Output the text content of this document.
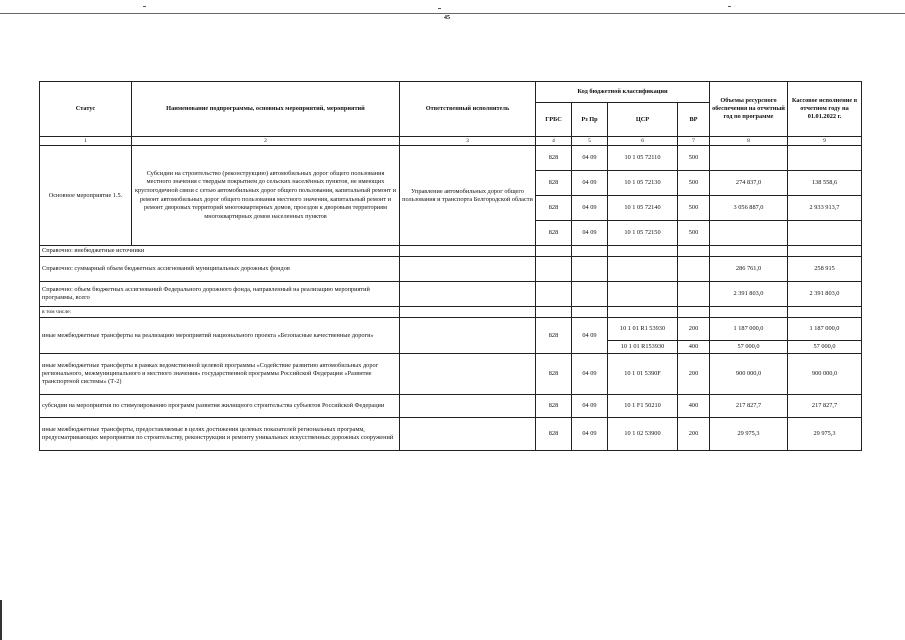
45
Статус	Наименование подпрограммы, основных мероприятий, мероприятий	Ответственный исполнитель	Код бюджетной классификации				Объемы ресурсного обеспечения на отчетный год по программе	Кассовое исполнение в отчетном году на 01.01.2022 г.
			ГРБС	Рз Пр	ЦСР	ВР		
1	2	3	4	5	6	7	8	9
Основное мероприятие 1.5.	Субсидии на строительство (реконструкцию) автомобильных дорог общего пользования местного значения с твердым покрытием до сельских населённых пунктов, не имеющих круглогодичной связи с сетью автомобильных дорог общего пользования, капитальный ремонт и ремонт автомобильных дорог общего пользования местного значения, капитальный ремонт и ремонт дворовых территорий многоквартирных домов, проездов к дворовым территориям многоквартирных домов населенных пунктов	Управление автомобильных дорог общего пользования и транспорта Белгородской области	828	04 09	10 1 05 72110	500		
			828	04 09	10 1 05 72130	500	274 837,0	138 558,6
			828	04 09	10 1 05 72140	500	3 056 887,0	2 933 913,7
			828	04 09	10 1 05 72150	500		
Справочно: внебюджетные источники								
Справочно: суммарный объем бюджетных ассигнований муниципальных дорожных фондов							286 761,0	258 915
Справочно: объем бюджетных ассигнований Федерального дорожного фонда, направленный на реализацию мероприятий программы, всего							2 391 803,0	2 391 803,0
в том числе:								
иные межбюджетные трансферты на реализацию мероприятий национального проекта «Безопасные качественные дороги»			828	04 09	10 1 01 R1 53930	200	1 187 000,0	1 187 000,0
					10 1 01 R153930	400	57 000,0	57 000,0
иные межбюджетные трансферты в рамках ведомственной целевой программы «Содействие развитию автомобильных дорог регионального, межмуниципального и местного значения» государственной программы Российской Федерации «Развитие транспортной системы» (Т-2)			828	04 09	10 1 01 5390F	200	900 000,0	900 000,0
субсидии на мероприятия по стимулированию программ развития жилищного строительства субъектов Российской Федерации			828	04 09	10 1 F1 50210	400	217 827,7	217 827,7
иные межбюджетные трансферты, предоставляемые в целях достижения целевых показателей региональных программ, предусматривающих мероприятия по строительству, реконструкции и ремонту уникальных искусственных дорожных сооружений			828	04 09	10 1 02 53900	200	29 975,3	29 975,3
